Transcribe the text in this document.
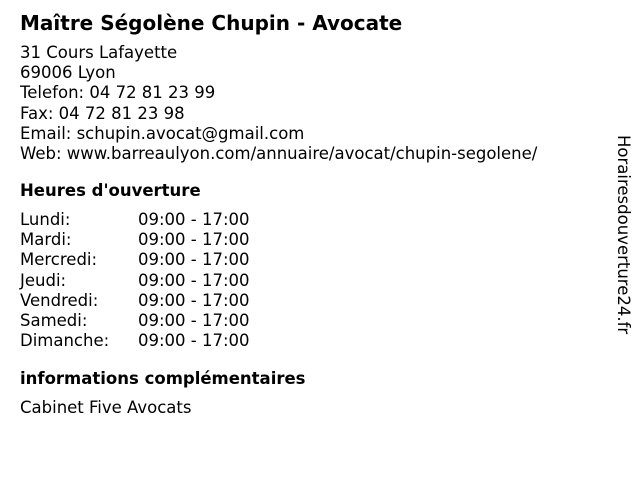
Maître Ségolène Chupin - Avocate
31 Cours Lafayette
69006 Lyon
Telefon: 04 72 81 23 99
Fax: 04 72 81 23 98
Email: schupin.avocat@gmail.com
Web: www.barreaulyon.com/annuaire/avocat/chupin-segolene/
Heures d'ouverture
Lundi:	09:00 - 17:00
Mardi:	09:00 - 17:00
Mercredi:	09:00 - 17:00
Jeudi:	09:00 - 17:00
Vendredi:	09:00 - 17:00
Samedi:	09:00 - 17:00
Dimanche:	09:00 - 17:00
informations complémentaires
Cabinet Five Avocats
Horairesdouverture24.fr
